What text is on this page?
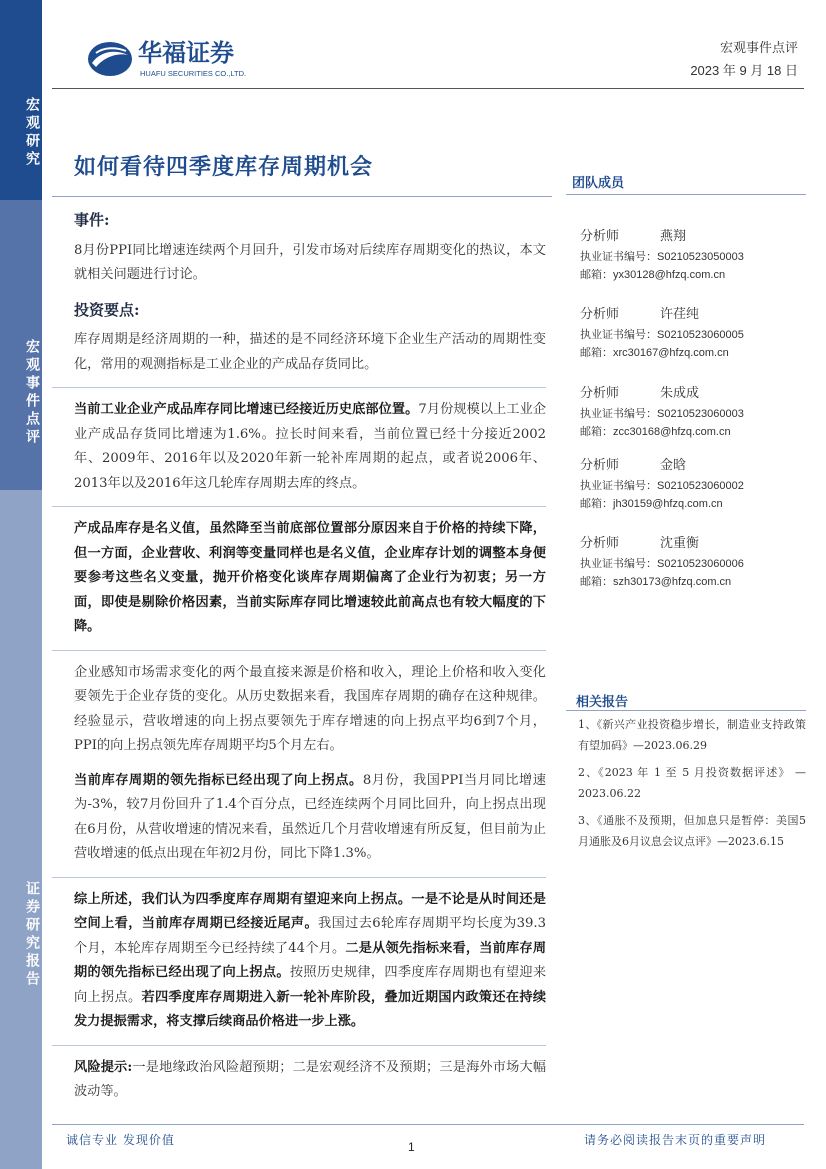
宏观研究
宏观事件点评
证券研究报告
华福证券
HUAFU SECURITIES CO.,LTD.
宏观事件点评
2023 年 9 月 18 日
如何看待四季度库存周期机会
事件:

8月份PPI同比增速连续两个月回升，引发市场对后续库存周期变化的热议，本文就相关问题进行讨论。

投资要点:

库存周期是经济周期的一种，描述的是不同经济环境下企业生产活动的周期性变化，常用的观测指标是工业企业的产成品存货同比。

当前工业企业产成品库存同比增速已经接近历史底部位置。7月份规模以上工业企业产成品存货同比增速为1.6%。拉长时间来看，当前位置已经十分接近2002年、2009年、2016年以及2020年新一轮补库周期的起点，或者说2006年、2013年以及2016年这几轮库存周期去库的终点。

产成品库存是名义值，虽然降至当前底部位置部分原因来自于价格的持续下降，但一方面，企业营收、利润等变量同样也是名义值，企业库存计划的调整本身便要参考这些名义变量，抛开价格变化谈库存周期偏离了企业行为初衷；另一方面，即使是剔除价格因素，当前实际库存同比增速较此前高点也有较大幅度的下降。

企业感知市场需求变化的两个最直接来源是价格和收入，理论上价格和收入变化要领先于企业存货的变化。从历史数据来看，我国库存周期的确存在这种规律。经验显示，营收增速的向上拐点要领先于库存增速的向上拐点平均6到7个月，PPI的向上拐点领先库存周期平均5个月左右。

当前库存周期的领先指标已经出现了向上拐点。8月份，我国PPI当月同比增速为-3%，较7月份回升了1.4个百分点，已经连续两个月同比回升，向上拐点出现在6月份，从营收增速的情况来看，虽然近几个月营收增速有所反复，但目前为止营收增速的低点出现在年初2月份，同比下降1.3%。

综上所述，我们认为四季度库存周期有望迎来向上拐点。一是不论是从时间还是空间上看，当前库存周期已经接近尾声。我国过去6轮库存周期平均长度为39.3个月，本轮库存周期至今已经持续了44个月。二是从领先指标来看，当前库存周期的领先指标已经出现了向上拐点。按照历史规律，四季度库存周期也有望迎来向上拐点。若四季度库存周期进入新一轮补库阶段，叠加近期国内政策还在持续发力提振需求，将支撑后续商品价格进一步上涨。

风险提示:一是地缘政治风险超预期；二是宏观经济不及预期；三是海外市场大幅波动等。

团队成员
分析师	燕翔
执业证书编号：S0210523050003
邮箱：yx30128@hfzq.com.cn
分析师	许荏纯
执业证书编号：S0210523060005
邮箱：xrc30167@hfzq.com.cn
分析师	朱成成
执业证书编号：S0210523060003
邮箱：zcc30168@hfzq.com.cn
分析师	金晗
执业证书编号：S0210523060002
邮箱：jh30159@hfzq.com.cn
分析师	沈重衡
执业证书编号：S0210523060006
邮箱：szh30173@hfzq.com.cn
相关报告
1、《新兴产业投资稳步增长，制造业支持政策有望加码》—2023.06.29
2、《2023 年 1 至 5 月投资数据评述》 —2023.06.22
3、《通胀不及预期，但加息只是暂停：美国5月通胀及6月议息会议点评》—2023.6.15
诚信专业 发现价值	1	请务必阅读报告末页的重要声明
